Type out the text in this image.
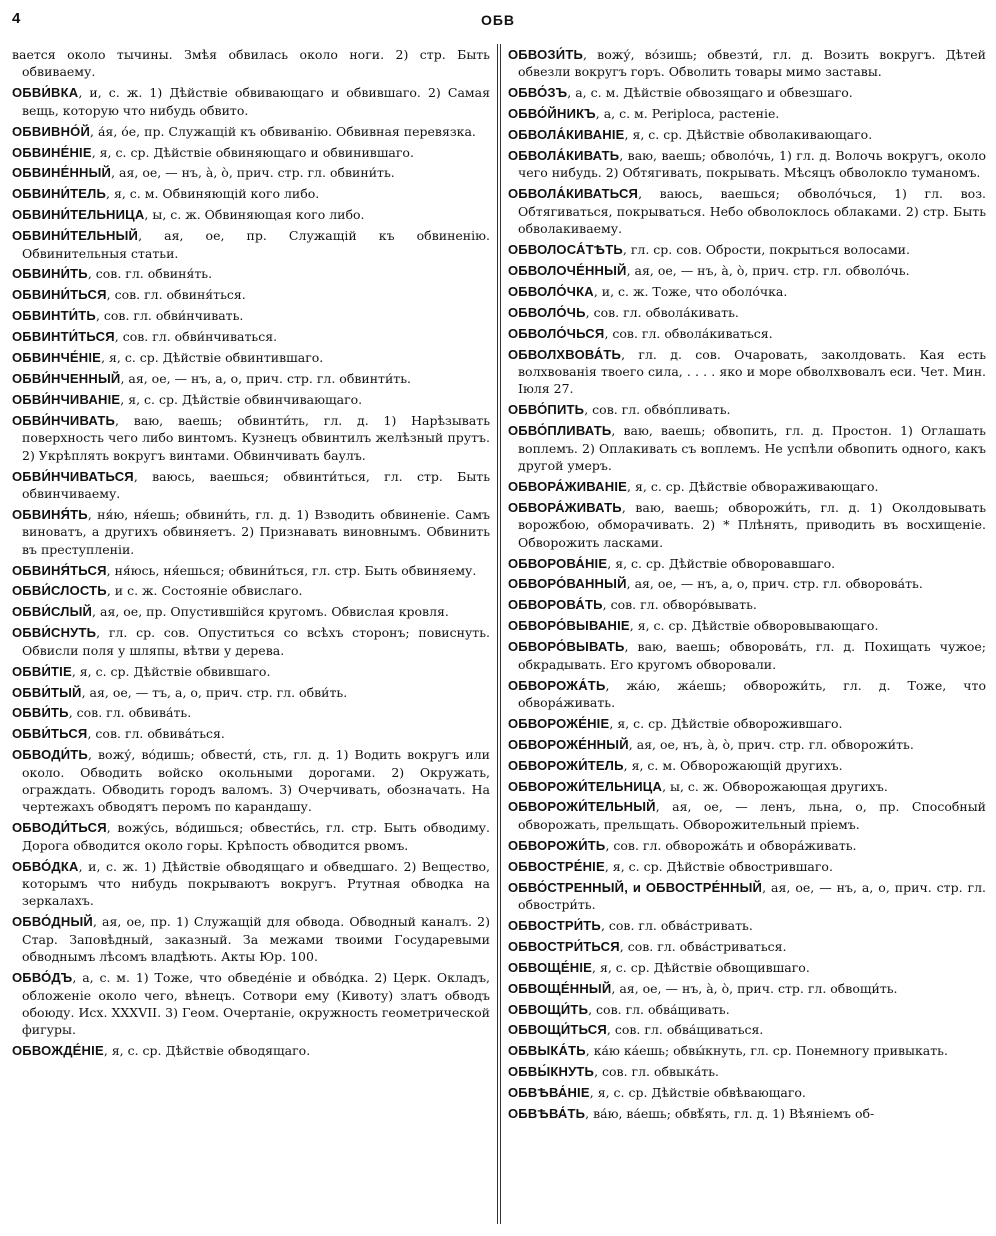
4	ОБВ

вается около тычины. Змѣя обвилась около ноги. 2) стр. Быть обвиваему.

ОБВИ́ВКА, и, с. ж. 1) Дѣйствіе обвивающаго и обвившаго. 2) Самая вещь, которую что нибудь обвито.

ОБВИВНО́Й, а́я, о́е, пр. Служащій къ обвиванію. Обвивная перевязка.

ОБВИНЕ́НІЕ, я, с. ср. Дѣйствіе обвиняющаго и обвинившаго.

ОБВИНЕ́ННЫЙ, ая, ое, — нъ, а̀, о̀, прич. стр. гл. обвини́ть.

ОБВИНИ́ТЕЛЬ, я, с. м. Обвиняющій кого либо.

ОБВИНИ́ТЕЛЬНИЦА, ы, с. ж. Обвиняющая кого либо.

ОБВИНИ́ТЕЛЬНЫЙ, ая, ое, пр. Служащій къ обвиненію. Обвинительныя статьи.

ОБВИНИ́ТЬ, сов. гл. обвиня́ть.

ОБВИНИ́ТЬСЯ, сов. гл. обвиня́ться.

ОБВИНТИ́ТЬ, сов. гл. обви́нчивать.

ОБВИНТИ́ТЬСЯ, сов. гл. обви́нчиваться.

ОБВИНЧЕ́НІЕ, я, с. ср. Дѣйствіе обвинтившаго.

ОБВИ́НЧЕННЫЙ, ая, ое, — нъ, а, о, прич. стр. гл. обвинти́ть.

ОБВИ́НЧИВАНІЕ, я, с. ср. Дѣйствіе обвинчивающаго.

ОБВИ́НЧИВАТЬ, ваю, ваешь; обвинти́ть, гл. д. 1) Нарѣзывать поверхность чего либо винтомъ. Кузнецъ обвинтилъ желѣзный прутъ. 2) Укрѣплять вокругъ винтами. Обвинчивать баулъ.

ОБВИ́НЧИВАТЬСЯ, ваюсь, ваешься; обвинти́ться, гл. стр. Быть обвинчиваему.

ОБВИНЯ́ТЬ, ня́ю, ня́ешь; обвини́ть, гл. д. 1) Взводить обвиненіе. Самъ виноватъ, а другихъ обвиняетъ. 2) Признавать виновнымъ. Обвинить въ преступленіи.

ОБВИНЯ́ТЬСЯ, ня́юсь, ня́ешься; обвини́ться, гл. стр. Быть обвиняему.

ОБВИ́СЛОСТЬ, и с. ж. Состояніе обвислаго.

ОБВИ́СЛЫЙ, ая, ое, пр. Опустившійся кругомъ. Обвислая кровля.

ОБВИ́СНУТЬ, гл. ср. сов. Опуститься со всѣхъ сторонъ; повиснуть. Обвисли поля у шляпы, вѣтви у дерева.

ОБВИ́ТІЕ, я, с. ср. Дѣйствіе обвившаго.

ОБВИ́ТЫЙ, ая, ое, — тъ, а, о, прич. стр. гл. обви́ть.

ОБВИ́ТЬ, сов. гл. обвива́ть.

ОБВИ́ТЬСЯ, сов. гл. обвива́ться.

ОБВОДИ́ТЬ, вожу́, во́дишь; обвести́, сть, гл. д. 1) Водить вокругъ или около. Обводить войско окольными дорогами. 2) Окружать, ограждать. Обводить городъ валомъ. 3) Очерчивать, обозначать. На чертежахъ обводятъ перомъ по карандашу.

ОБВОДИ́ТЬСЯ, вожу́сь, во́дишься; обвести́сь, гл. стр. Быть обводиму. Дорога обводится около горы. Крѣпость обводится рвомъ.

ОБВО́ДКА, и, с. ж. 1) Дѣйствіе обводящаго и обведшаго. 2) Вещество, которымъ что нибудь покрываютъ вокругъ. Ртутная обводка на зеркалахъ.

ОБВО́ДНЫЙ, ая, ое, пр. 1) Служащій для обвода. Обводный каналъ. 2) Стар. Заповѣдный, заказный. За межами твоими Государевыми обводнымъ лѣсомъ владѣють. Акты Юр. 100.

ОБВО́ДЪ, а, с. м. 1) Тоже, что обведе́ніе и обво́дка. 2) Церк. Окладъ, обложеніе около чего, вѣнецъ. Сотвори ему (Кивоту) златъ обводъ обоюду. Исх. XXXVII. 3) Геом. Очертаніе, окружность геометрической фигуры.

ОБВОЖДЕ́НІЕ, я, с. ср. Дѣйствіе обводящаго.

ОБВОЗИ́ТЬ, вожу́, во́зишь; обвезти́, гл. д. Возить вокругъ. Дѣтей обвезли вокругъ горъ. Обволить товары мимо заставы.

ОБВО́ЗЪ, а, с. м. Дѣйствіе обвозящаго и обвезшаго.

ОБВО́ЙНИКЪ, а, с. м. Periploca, растеніе.

ОБВОЛА́КИВАНІЕ, я, с. ср. Дѣйствіе обволакивающаго.

ОБВОЛА́КИВАТЬ, ваю, ваешь; обволо́чь, 1) гл. д. Волочь вокругъ, около чего нибудь. 2) Обтягивать, покрывать. Мѣсяцъ обволокло туманомъ.

ОБВОЛА́КИВАТЬСЯ, ваюсь, ваешься; обволо́чься, 1) гл. воз. Обтягиваться, покрываться. Небо обволоклось облаками. 2) стр. Быть обволакиваему.

ОБВОЛОСА́ТѢТЬ, гл. ср. сов. Обрости, покрыться волосами.

ОБВОЛОЧЕ́ННЫЙ, ая, ое, — нъ, а̀, о̀, прич. стр. гл. обволо́чь.

ОБВОЛО́ЧКА, и, с. ж. Тоже, что оболо́чка.

ОБВОЛО́ЧЬ, сов. гл. обвола́кивать.

ОБВОЛО́ЧЬСЯ, сов. гл. обвола́киваться.

ОБВОЛХВОВА́ТЬ, гл. д. сов. Очаровать, заколдовать. Кая есть волхвованія твоего сила, . . . . яко и море обволхвовалъ еси. Чет. Мин. Іюля 27.

ОБВО́ПИТЬ, сов. гл. обво́пливать.

ОБВО́ПЛИВАТЬ, ваю, ваешь; обвопить, гл. д. Простон. 1) Оглашать воплемъ. 2) Оплакивать съ воплемъ. Не успѣли обвопить одного, какъ другой умеръ.

ОБВОРА́ЖИВАНІЕ, я, с. ср. Дѣйствіе обвораживающаго.

ОБВОРА́ЖИВАТЬ, ваю, ваешь; обворожи́ть, гл. д. 1) Околдовывать ворожбою, обморачивать. 2) * Плѣнять, приводить въ восхищеніе. Обворожить ласками.

ОБВОРОВА́НІЕ, я, с. ср. Дѣйствіе обворовавшаго.

ОБВОРО́ВАННЫЙ, ая, ое, — нъ, а, о, прич. стр. гл. обворова́ть.

ОБВОРОВА́ТЬ, сов. гл. обворо́вывать.

ОБВОРО́ВЫВАНІЕ, я, с. ср. Дѣйствіе обворовывающаго.

ОБВОРО́ВЫВАТЬ, ваю, ваешь; обворова́ть, гл. д. Похищать чужое; обкрадывать. Его кругомъ обворовали.

ОБВОРОЖА́ТЬ, жа́ю, жа́ешь; обворожи́ть, гл. д. Тоже, что обвора́живать.

ОБВОРОЖЕ́НІЕ, я, с. ср. Дѣйствіе обворожившаго.

ОБВОРОЖЕ́ННЫЙ, ая, ое, нъ, а̀, о̀, прич. стр. гл. обворожи́ть.

ОБВОРОЖИ́ТЕЛЬ, я, с. м. Обворожающій другихъ.

ОБВОРОЖИ́ТЕЛЬНИЦА, ы, с. ж. Обворожающая другихъ.

ОБВОРОЖИ́ТЕЛЬНЫЙ, ая, ое, — ленъ, льна, о, пр. Способный обворожать, прельщать. Обворожительный пріемъ.

ОБВОРОЖИ́ТЬ, сов. гл. обворожа́ть и обвора́живать.

ОБВОСТРЕ́НІЕ, я, с. ср. Дѣйствіе обвострившаго.

ОБВО́СТРЕННЫЙ, и ОБВОСТРЕ́ННЫЙ, ая, ое, — нъ, а, о, прич. стр. гл. обвостри́ть.

ОБВОСТРИ́ТЬ, сов. гл. обва́стривать.

ОБВОСТРИ́ТЬСЯ, сов. гл. обва́стриваться.

ОБВОЩЕ́НІЕ, я, с. ср. Дѣйствіе обвощившаго.

ОБВОЩЕ́ННЫЙ, ая, ое, — нъ, а̀, о̀, прич. стр. гл. обвощи́ть.

ОБВОЩИ́ТЬ, сов. гл. обва́щивать.

ОБВОЩИ́ТЬСЯ, сов. гл. обва́щиваться.

ОБВЫКА́ТЬ, ка́ю ка́ешь; обвы́кнуть, гл. ср. Понемногу привыкать.

ОБВЫ́КНУТЬ, сов. гл. обвыка́ть.

ОБВѢВА́НІЕ, я, с. ср. Дѣйствіе обвѣвающаго.

ОБВѢВА́ТЬ, ва́ю, ва́ешь; обвѣ́ять, гл. д. 1) Вѣяніемъ об-
